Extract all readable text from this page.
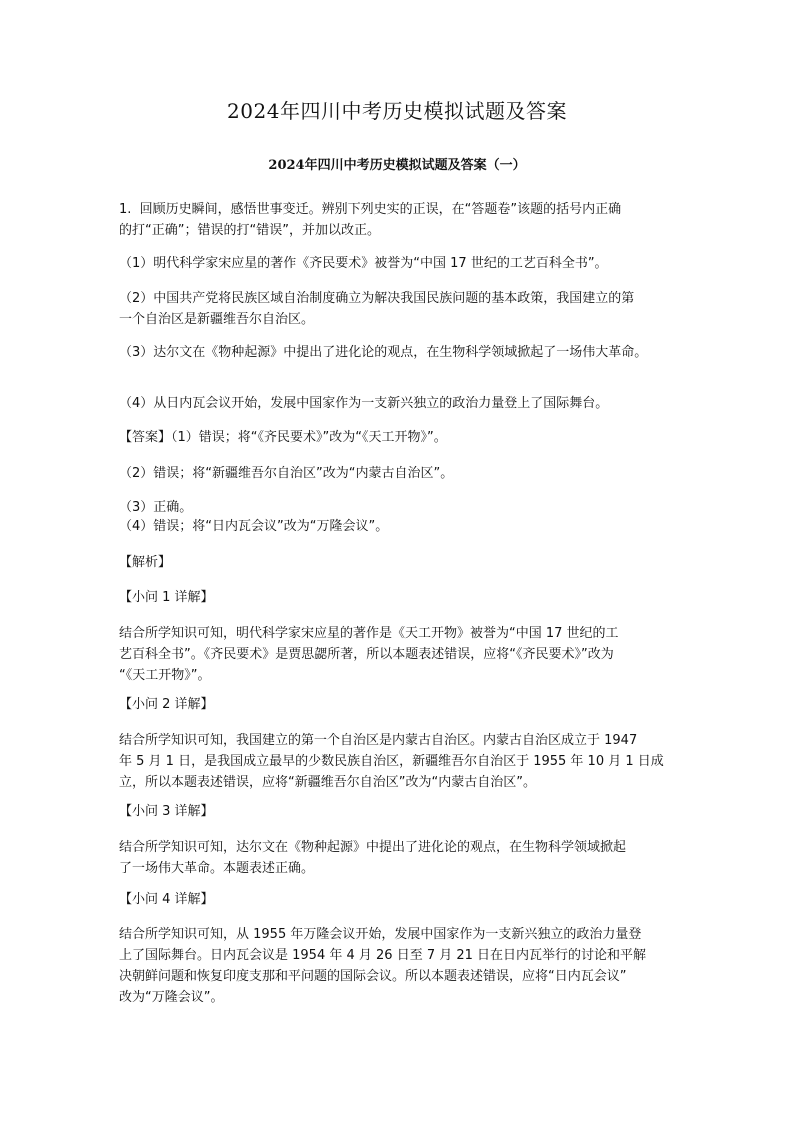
2024年四川中考历史模拟试题及答案
2024年四川中考历史模拟试题及答案（一）

1.  回顾历史瞬间，感悟世事变迁。辨别下列史实的正误，在“答题卷”该题的括号内正确
的打“正确”；错误的打“错误”，并加以改正。

（1）明代科学家宋应星的著作《齐民要术》被誉为“中国 17 世纪的工艺百科全书”。

（2）中国共产党将民族区域自治制度确立为解决我国民族问题的基本政策，我国建立的第
一个自治区是新疆维吾尔自治区。

（3）达尔文在《物种起源》中提出了进化论的观点，在生物科学领域掀起了一场伟大革命。

（4）从日内瓦会议开始，发展中国家作为一支新兴独立的政治力量登上了国际舞台。

【答案】（1）错误；将“《齐民要术》”改为“《天工开物》”。

（2）错误；将“新疆维吾尔自治区”改为“内蒙古自治区”。

（3）正确。

（4）错误；将“日内瓦会议”改为“万隆会议”。

【解析】

【小问 1 详解】

结合所学知识可知，明代科学家宋应星的著作是《天工开物》被誉为“中国 17 世纪的工
艺百科全书”。《齐民要术》是贾思勰所著，所以本题表述错误，应将“《齐民要术》”改为
“《天工开物》”。

【小问 2 详解】

结合所学知识可知，我国建立的第一个自治区是内蒙古自治区。内蒙古自治区成立于 1947
年 5 月 1 日，是我国成立最早的少数民族自治区，新疆维吾尔自治区于 1955 年 10 月 1 日成
立，所以本题表述错误，应将“新疆维吾尔自治区”改为“内蒙古自治区”。

【小问 3 详解】

结合所学知识可知，达尔文在《物种起源》中提出了进化论的观点，在生物科学领域掀起
了一场伟大革命。本题表述正确。

【小问 4 详解】

结合所学知识可知，从 1955 年万隆会议开始，发展中国家作为一支新兴独立的政治力量登
上了国际舞台。日内瓦会议是 1954 年 4 月 26 日至 7 月 21 日在日内瓦举行的讨论和平解
决朝鲜问题和恢复印度支那和平问题的国际会议。所以本题表述错误，应将“日内瓦会议”
改为“万隆会议”。
